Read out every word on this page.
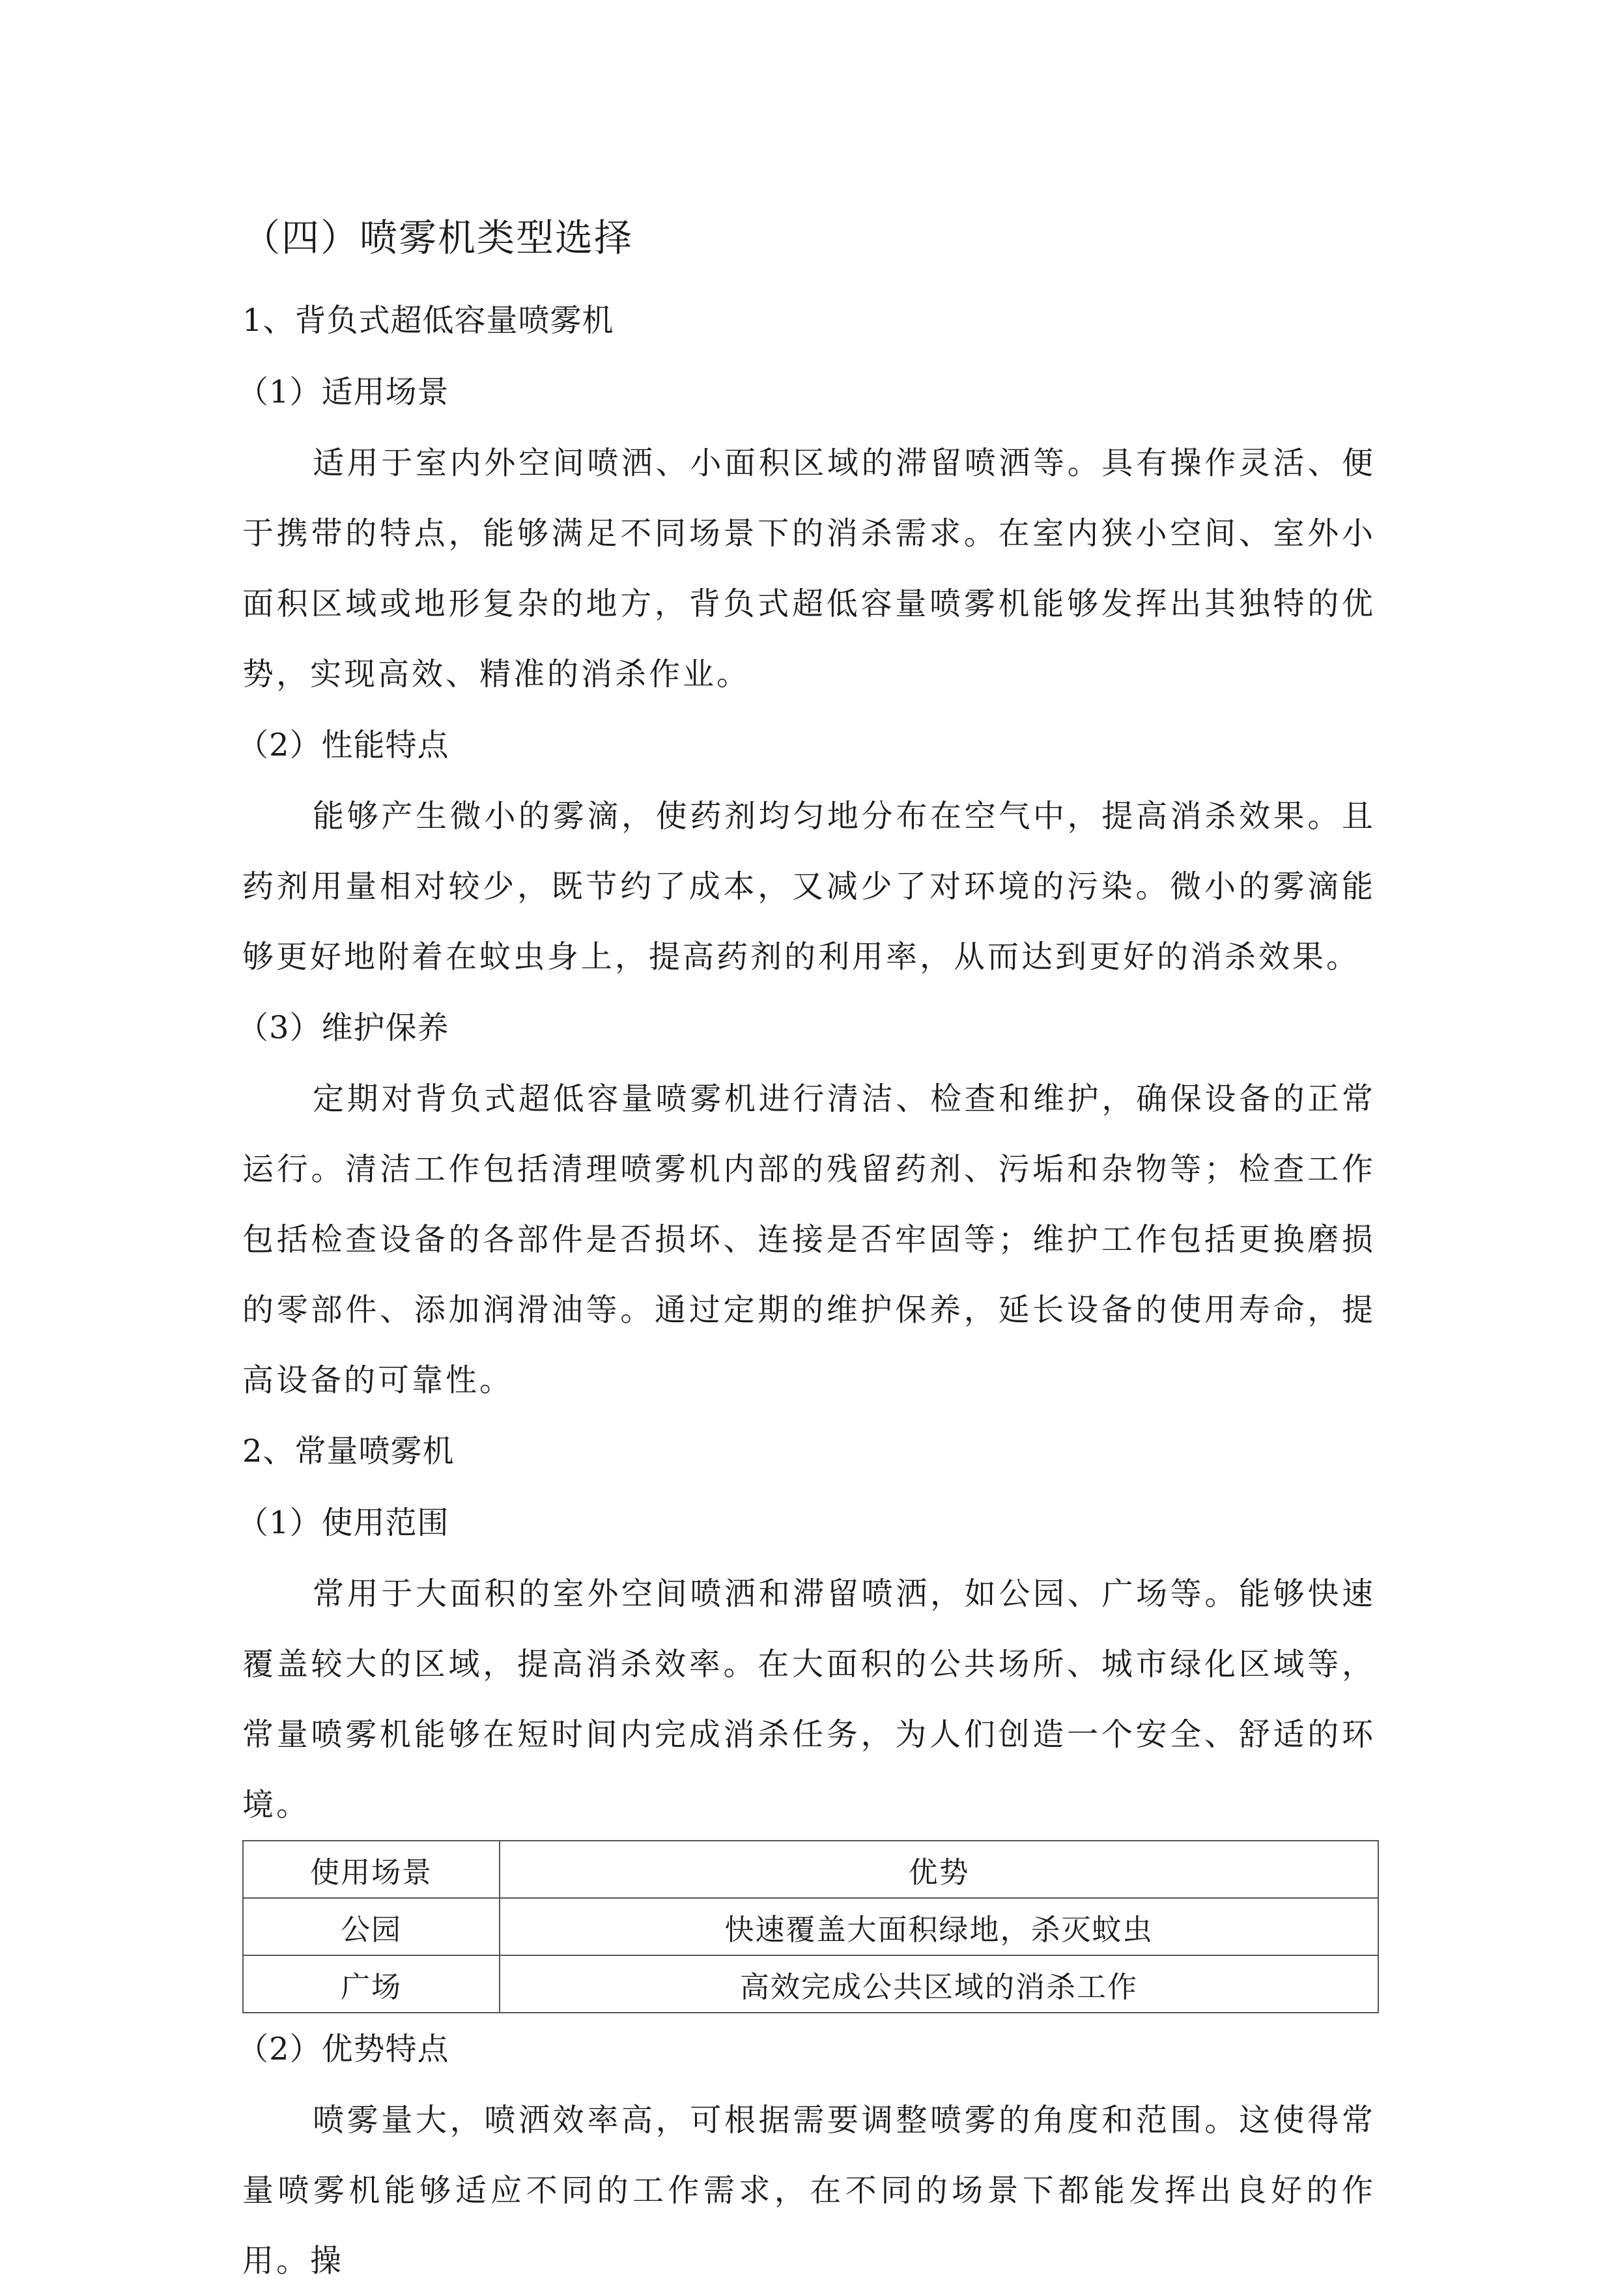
（四）喷雾机类型选择
1、背负式超低容量喷雾机
（1）适用场景

适用于室内外空间喷洒、小面积区域的滞留喷洒等。具有操作灵活、便于携带的特点，能够满足不同场景下的消杀需求。在室内狭小空间、室外小面积区域或地形复杂的地方，背负式超低容量喷雾机能够发挥出其独特的优势，实现高效、精准的消杀作业。

（2）性能特点

能够产生微小的雾滴，使药剂均匀地分布在空气中，提高消杀效果。且药剂用量相对较少，既节约了成本，又减少了对环境的污染。微小的雾滴能够更好地附着在蚊虫身上，提高药剂的利用率，从而达到更好的消杀效果。

（3）维护保养

定期对背负式超低容量喷雾机进行清洁、检查和维护，确保设备的正常运行。清洁工作包括清理喷雾机内部的残留药剂、污垢和杂物等；检查工作包括检查设备的各部件是否损坏、连接是否牢固等；维护工作包括更换磨损的零部件、添加润滑油等。通过定期的维护保养，延长设备的使用寿命，提高设备的可靠性。

2、常量喷雾机
（1）使用范围

常用于大面积的室外空间喷洒和滞留喷洒，如公园、广场等。能够快速覆盖较大的区域，提高消杀效率。在大面积的公共场所、城市绿化区域等，常量喷雾机能够在短时间内完成消杀任务，为人们创造一个安全、舒适的环境。

使用场景	优势
公园	快速覆盖大面积绿地，杀灭蚊虫
广场	高效完成公共区域的消杀工作
（2）优势特点

喷雾量大，喷洒效率高，可根据需要调整喷雾的角度和范围。这使得常量喷雾机能够适应不同的工作需求，在不同的场景下都能发挥出良好的作用。操
